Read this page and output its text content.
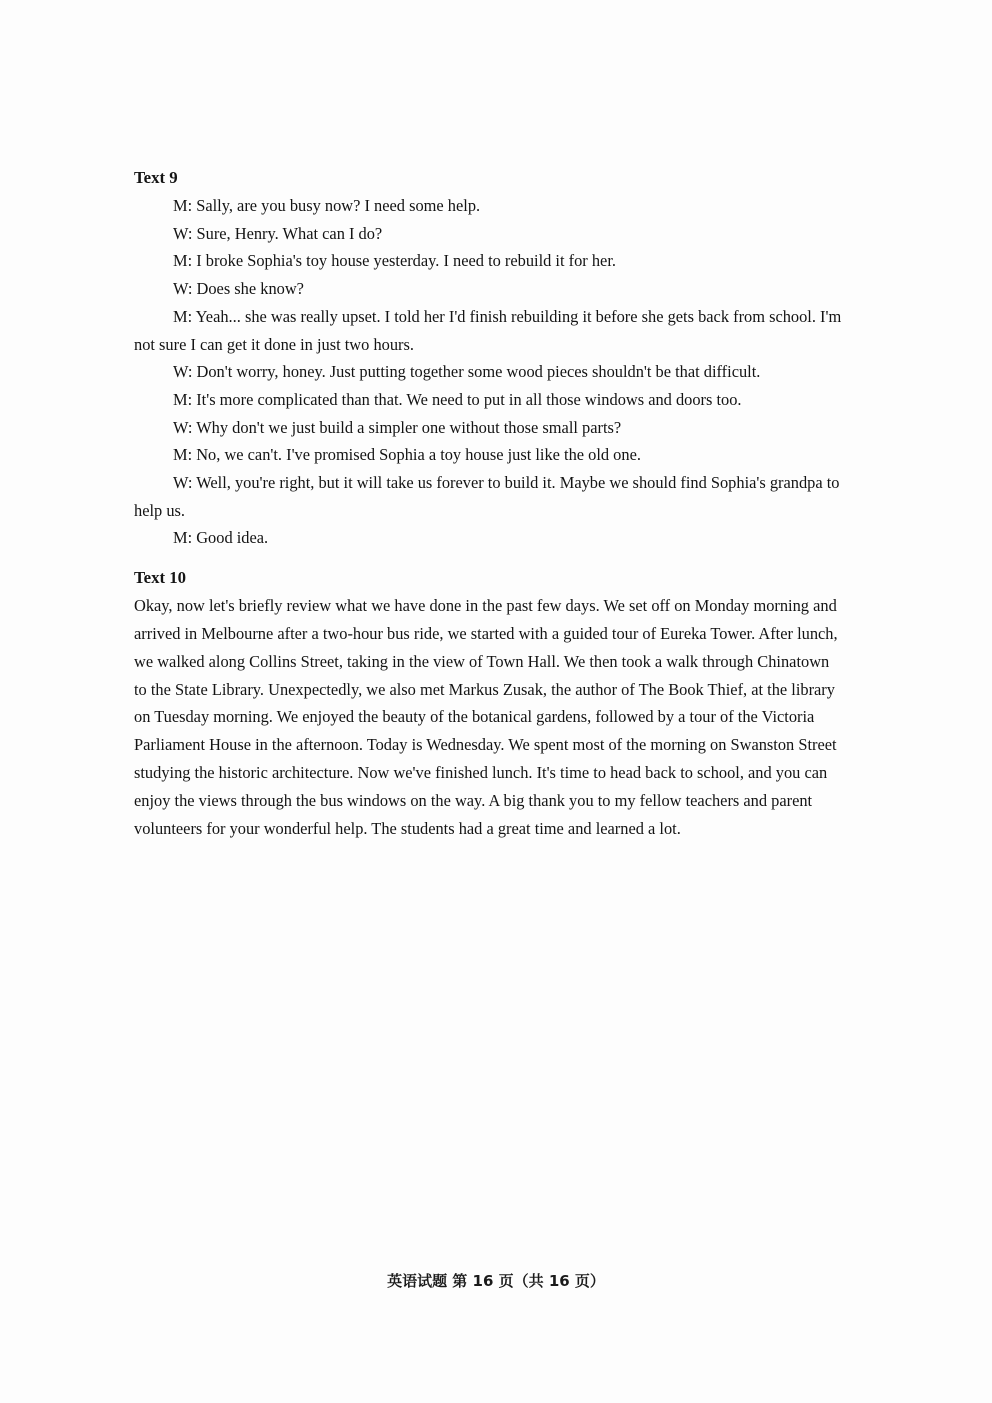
Text 9

M: Sally, are you busy now? I need some help.

W: Sure, Henry. What can I do?

M: I broke Sophia's toy house yesterday. I need to rebuild it for her.

W: Does she know?

M: Yeah... she was really upset. I told her I'd finish rebuilding it before she gets back from school. I'm not sure I can get it done in just two hours.

W: Don't worry, honey. Just putting together some wood pieces shouldn't be that difficult.

M: It's more complicated than that. We need to put in all those windows and doors too.

W: Why don't we just build a simpler one without those small parts?

M: No, we can't. I've promised Sophia a toy house just like the old one.

W: Well, you're right, but it will take us forever to build it. Maybe we should find Sophia's grandpa to help us.

M: Good idea.

Text 10

Okay, now let's briefly review what we have done in the past few days. We set off on Monday morning and arrived in Melbourne after a two-hour bus ride, we started with a guided tour of Eureka Tower. After lunch, we walked along Collins Street, taking in the view of Town Hall. We then took a walk through Chinatown to the State Library. Unexpectedly, we also met Markus Zusak, the author of The Book Thief, at the library on Tuesday morning. We enjoyed the beauty of the botanical gardens, followed by a tour of the Victoria Parliament House in the afternoon. Today is Wednesday. We spent most of the morning on Swanston Street studying the historic architecture. Now we've finished lunch. It's time to head back to school, and you can enjoy the views through the bus windows on the way. A big thank you to my fellow teachers and parent volunteers for your wonderful help. The students had a great time and learned a lot.

英语试题 第 16 页（共 16 页）
